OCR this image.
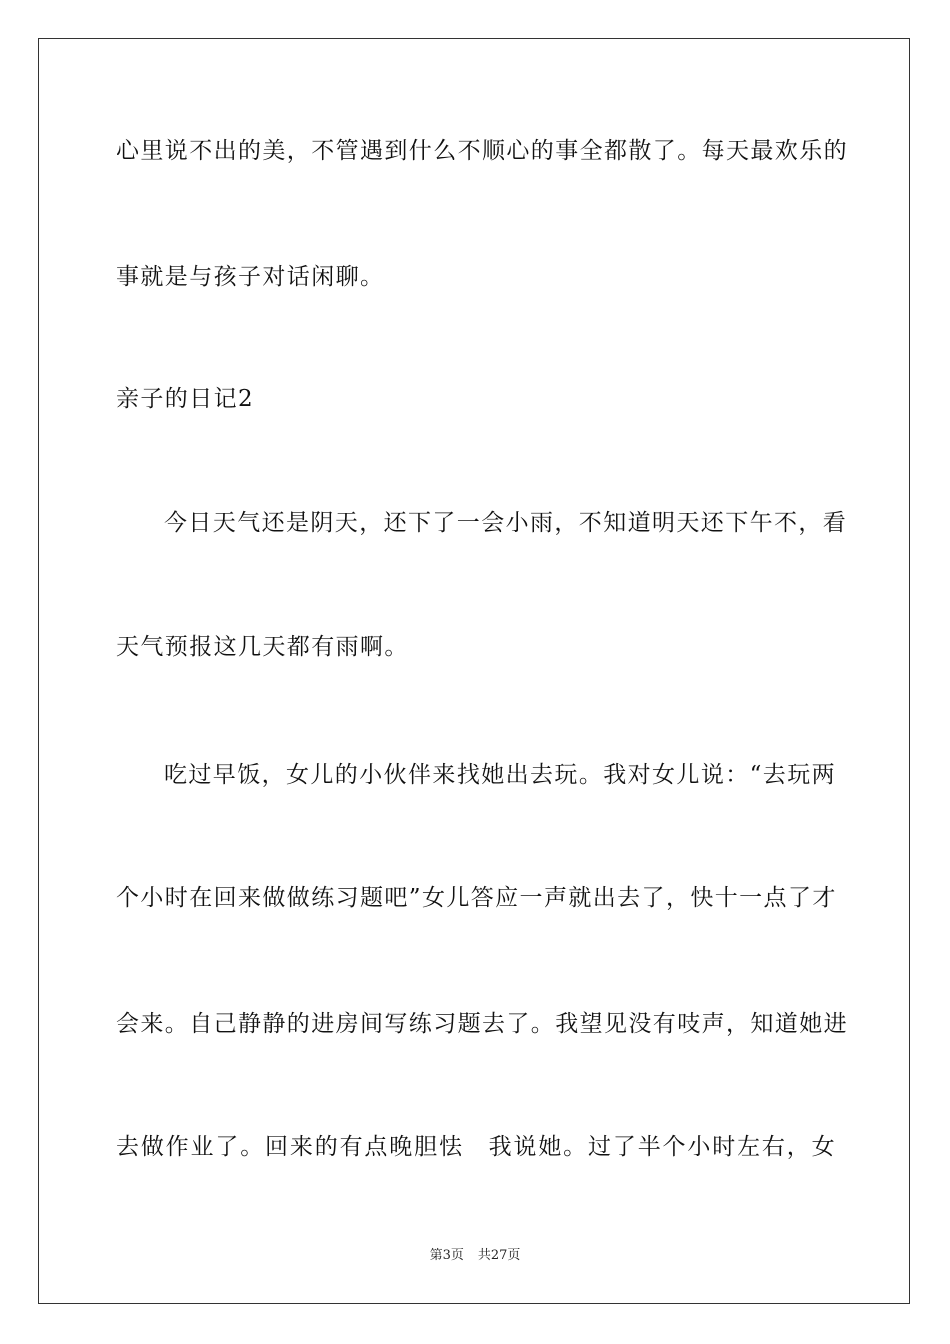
心里说不出的美，不管遇到什么不顺心的事全都散了。每天最欢乐的
事就是与孩子对话闲聊。
亲子的日记2
今日天气还是阴天，还下了一会小雨，不知道明天还下午不，看
天气预报这几天都有雨啊。
吃过早饭，女儿的小伙伴来找她出去玩。我对女儿说：“去玩两
个小时在回来做做练习题吧”女儿答应一声就出去了，快十一点了才
会来。自己静静的进房间写练习题去了。我望见没有吱声，知道她进
去做作业了。回来的有点晚胆怯　我说她。过了半个小时左右，女
第3页 共27页
